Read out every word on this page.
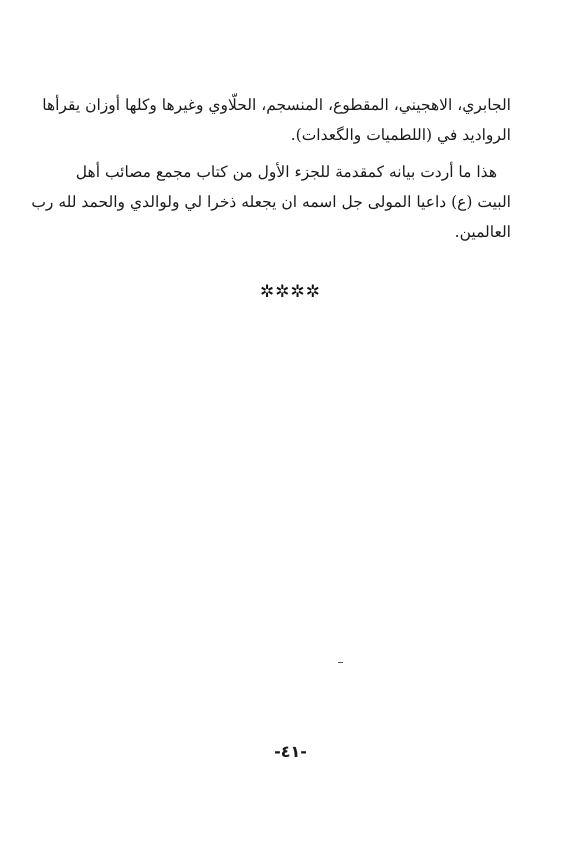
الجابري، الاهجيني، المقطوع، المنسجم، الحلّاوي وغيرها وكلها أوزان يقرأها
الرواديد في (اللطميات والگعدات).
هذا ما أردت بيانه كمقدمة للجزء الأول من كتاب مجمع مصائب أهل
البيت (ع) داعيا المولى جل اسمه ان يجعله ذخرا لي ولوالدي والحمد لله رب
العالمين.
✲✲✲✲
-٤١-
